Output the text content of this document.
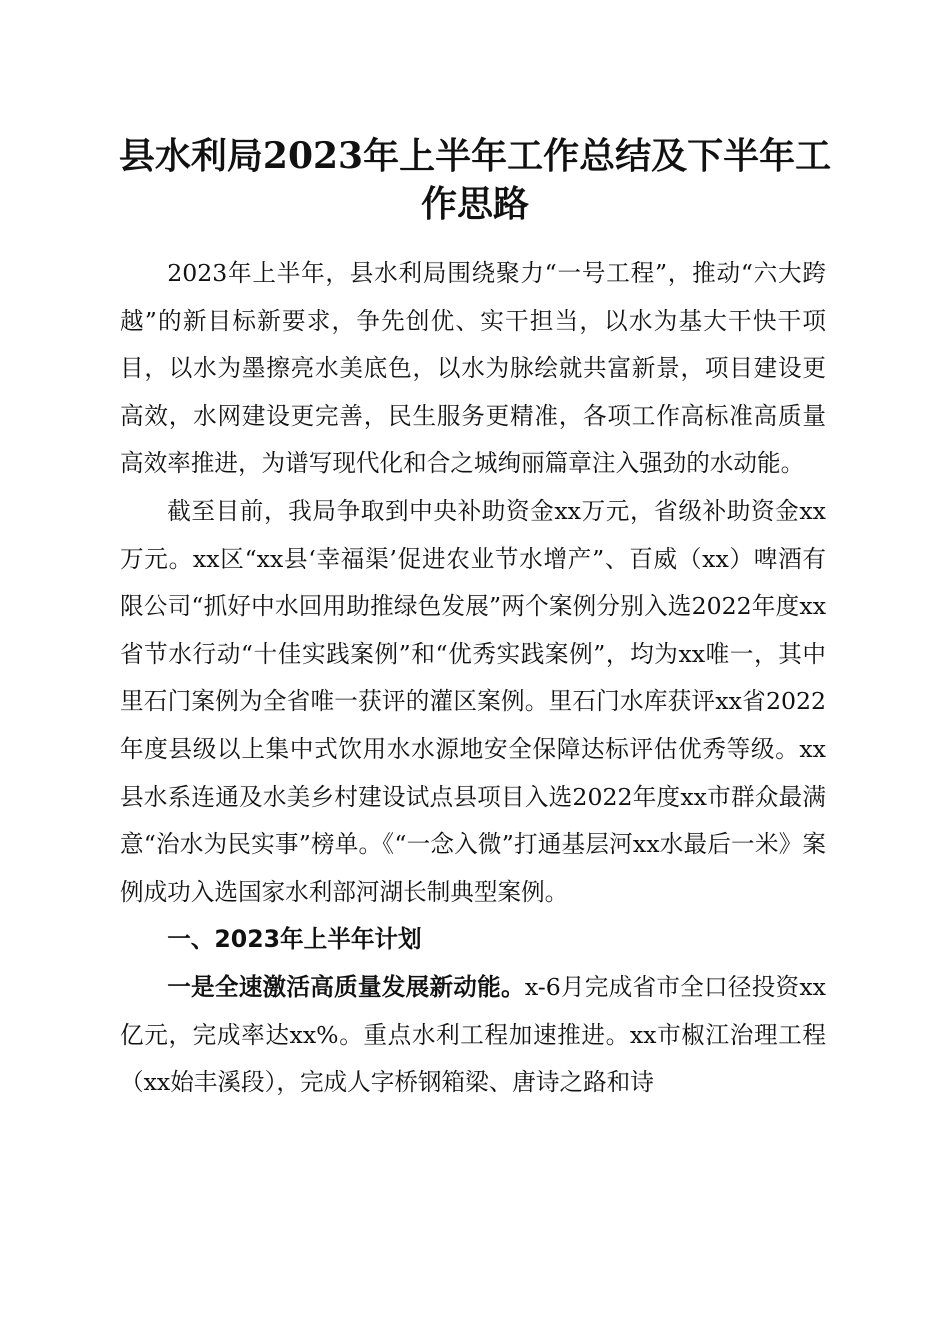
县水利局2023年上半年工作总结及下半年工作思路

2023年上半年，县水利局围绕聚力“一号工程”，推动“六大跨越”的新目标新要求，争先创优、实干担当，以水为基大干快干项目，以水为墨擦亮水美底色，以水为脉绘就共富新景，项目建设更高效，水网建设更完善，民生服务更精准，各项工作高标准高质量高效率推进，为谱写现代化和合之城绚丽篇章注入强劲的水动能。

截至目前，我局争取到中央补助资金xx万元，省级补助资金xx万元。xx区“xx县‘幸福渠’促进农业节水增产”、百威（xx）啤酒有限公司“抓好中水回用助推绿色发展”两个案例分别入选2022年度xx省节水行动“十佳实践案例”和“优秀实践案例”，均为xx唯一，其中里石门案例为全省唯一获评的灌区案例。里石门水库获评xx省2022年度县级以上集中式饮用水水源地安全保障达标评估优秀等级。xx县水系连通及水美乡村建设试点县项目入选2022年度xx市群众最满意“治水为民实事”榜单。《“一念入微”打通基层河xx水最后一米》案例成功入选国家水利部河湖长制典型案例。

一、2023年上半年计划

一是全速激活高质量发展新动能。x-6月完成省市全口径投资xx亿元，完成率达xx%。重点水利工程加速推进。xx市椒江治理工程（xx始丰溪段），完成人字桥钢箱梁、唐诗之路和诗
